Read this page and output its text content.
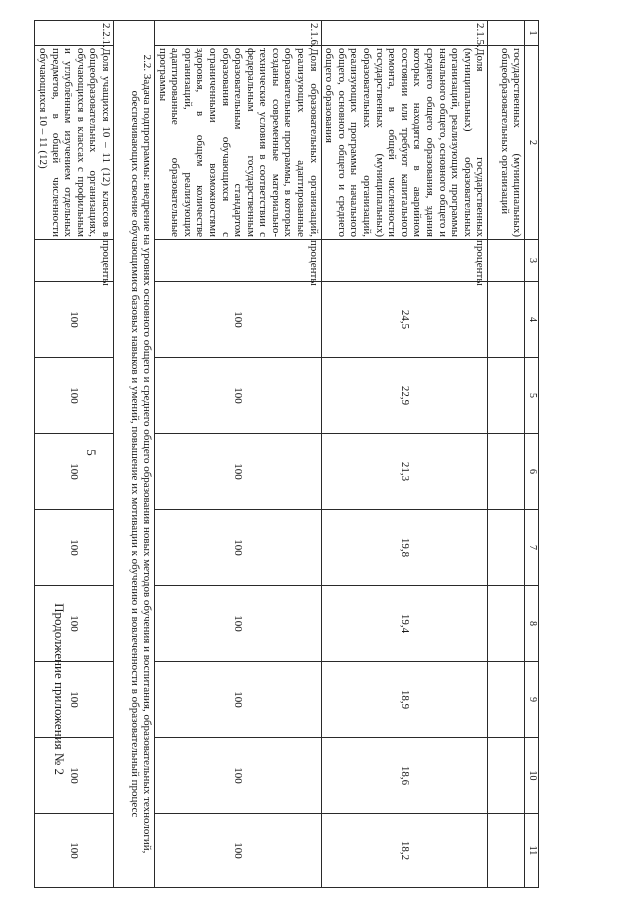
Продолжение приложения № 2
5
1	2	3	4	5	6	7	8	9	10	11
	государственных (муниципальных) общеобразовательных организаций									
2.1.5.	Доля государственных (муниципальных) образовательных организаций, реализующих программы начального общего, основного общего и среднего общего образования, здания которых находятся в аварийном состоянии или требуют капитального ремонта, в общей численности государственных (муниципальных) образовательных организаций, реализующих программы начального общего, основного общего и среднего общего образования	проценты	24,5	22,9	21,3	19,8	19,4	18,9	18,6	18,2
2.1.6.	Доля образовательных организаций, реализующих адаптированные образовательные программы, в которых созданы современные материально-технические условия в соответствии с федеральным государственным образовательным стандартом образования обучающихся с ограниченными возможностями здоровья, в общем количестве организаций, реализующих адаптированные образовательные программы	проценты	100	100	100	100	100	100	100	100
2.2. Задача подпрограммы: внедрение на уровнях основного общего и среднего общего образования новых методов обучения и воспитания, образовательных технологий, обеспечивающих освоение обучающимися базовых навыков и умений, повышение их мотивации к обучению и вовлеченности в образовательный процесс										
2.2.1.	Доля учащихся 10 – 11 (12) классов в общеобразовательных организациях, обучающихся в классах с профильным и углублённым изучением отдельных предметов, в общей численности обучающихся 10 – 11 (12)	проценты	100	100	100	100	100	100	100	100
